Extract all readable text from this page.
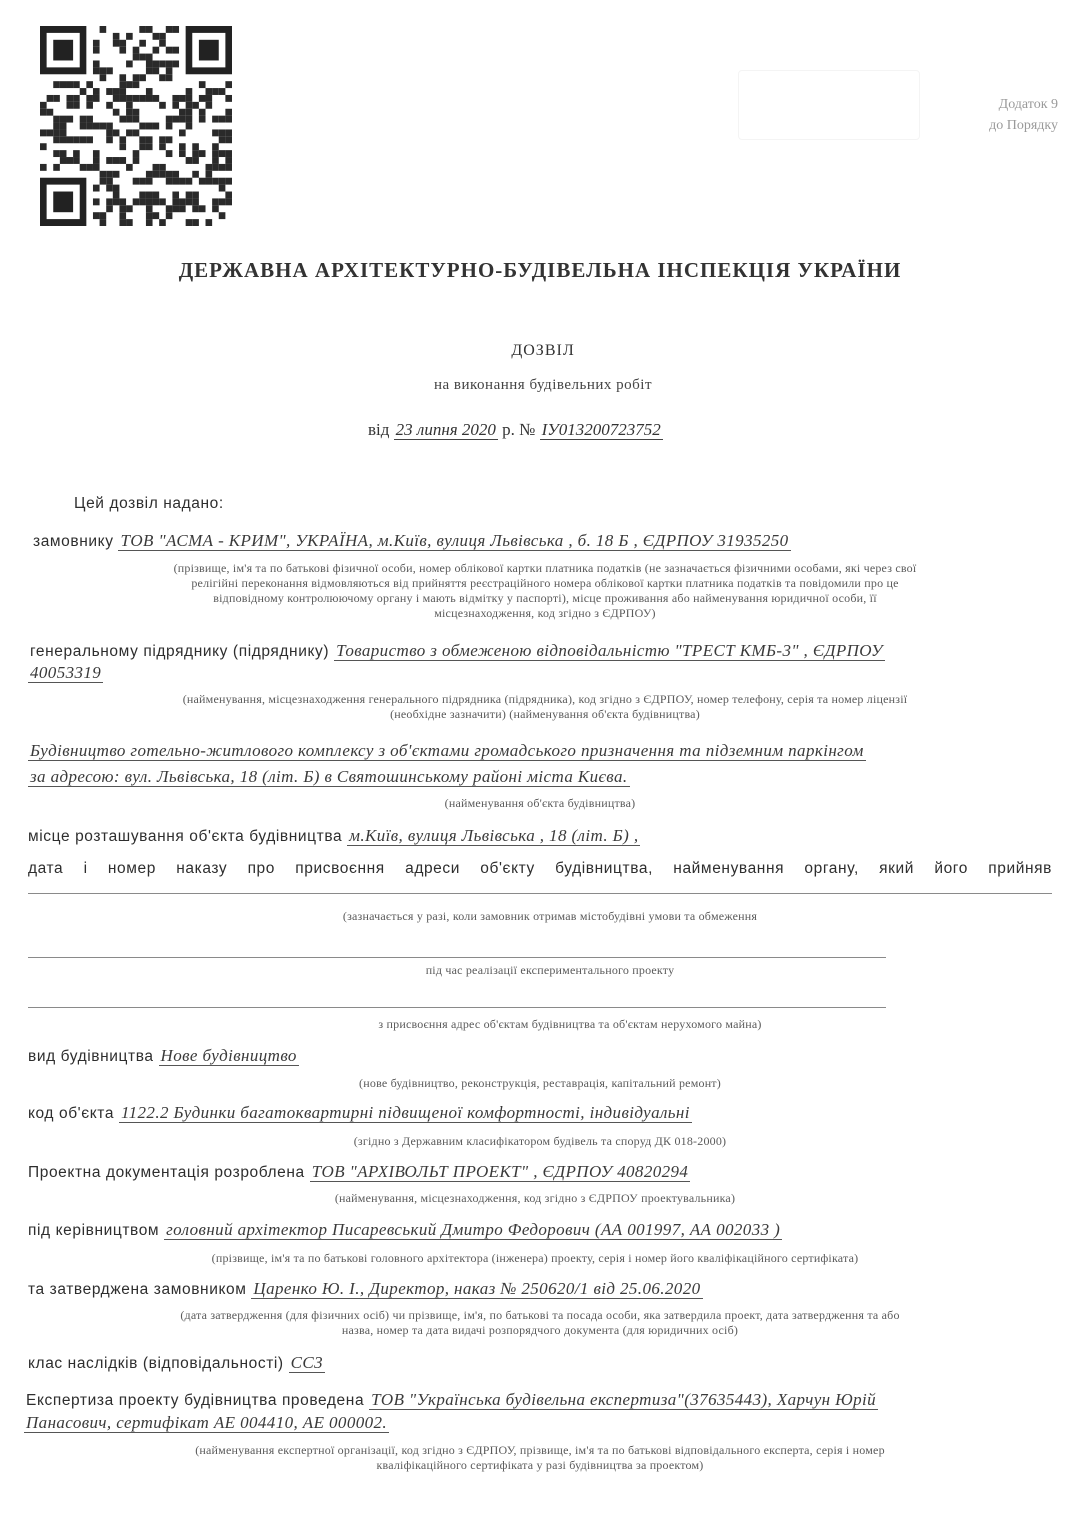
Додаток 9
до Порядку
ДЕРЖАВНА АРХІТЕКТУРНО-БУДІВЕЛЬНА ІНСПЕКЦІЯ УКРАЇНИ
ДОЗВІЛ
на виконання будівельних робіт
від 23 липня 2020 р. № ІУ013200723752
Цей дозвіл надано:
замовнику ТОВ "АСМА - КРИМ", УКРАЇНА, м.Київ, вулиця Львівська , б. 18 Б , ЄДРПОУ 31935250
(прізвище, ім'я та по батькові фізичної особи, номер облікової картки платника податків (не зазначається фізичними особами, які через свої
релігійні переконання відмовляються від прийняття реєстраційного номера облікової картки платника податків та повідомили про це
відповідному контролюючому органу і мають відмітку у паспорті), місце проживання або найменування юридичної особи, її
місцезнаходження, код згідно з ЄДРПОУ)
генеральному підряднику (підряднику) Товариство з обмеженою відповідальністю "ТРЕСТ КМБ-3" , ЄДРПОУ
40053319
(найменування, місцезнаходження генерального підрядника (підрядника), код згідно з ЄДРПОУ, номер телефону, серія та номер ліцензії
(необхідне зазначити) (найменування об'єкта будівництва)
Будівництво готельно-житлового комплексу з об'єктами громадського призначення та підземним паркінгом
за адресою: вул. Львівська, 18 (літ. Б) в Святошинському районі міста Києва.
(найменування об'єкта будівництва)
місце розташування об'єкта будівництва м.Київ, вулиця Львівська , 18 (літ. Б) ,
дата і номер наказу про присвоєння адреси об'єкту будівництва, найменування органу, який його прийняв
(зазначається у разі, коли замовник отримав містобудівні умови та обмеження
під час реалізації експериментального проекту
з присвоєння адрес об'єктам будівництва та об'єктам нерухомого майна)
вид будівництва Нове будівництво
(нове будівництво, реконструкція, реставрація, капітальний ремонт)
код об'єкта 1122.2 Будинки багатоквартирні підвищеної комфортності, індивідуальні
(згідно з Державним класифікатором будівель та споруд ДК 018-2000)
Проектна документація розроблена ТОВ "АРХІВОЛЬТ ПРОЕКТ" , ЄДРПОУ 40820294
(найменування, місцезнаходження, код згідно з ЄДРПОУ проектувальника)
під керівництвом головний архітектор Писаревський Дмитро Федорович (АА 001997, АА 002033 )
(прізвище, ім'я та по батькові головного архітектора (інженера) проекту, серія і номер його кваліфікаційного сертифіката)
та затверджена замовником Царенко Ю. І., Директор, наказ № 250620/1 від 25.06.2020
(дата затвердження (для фізичних осіб) чи прізвище, ім'я, по батькові та посада особи, яка затвердила проект, дата затвердження та або
назва, номер та дата видачі розпорядчого документа (для юридичних осіб)
клас наслідків (відповідальності) СС3
Експертиза проекту будівництва проведена ТОВ "Українська будівельна експертиза"(37635443), Харчун Юрій
Панасович, сертифікат АЕ 004410, АЕ 000002.
(найменування експертної організації, код згідно з ЄДРПОУ, прізвище, ім'я та по батькові відповідального експерта, серія і номер
кваліфікаційного сертифіката у разі будівництва за проектом)
